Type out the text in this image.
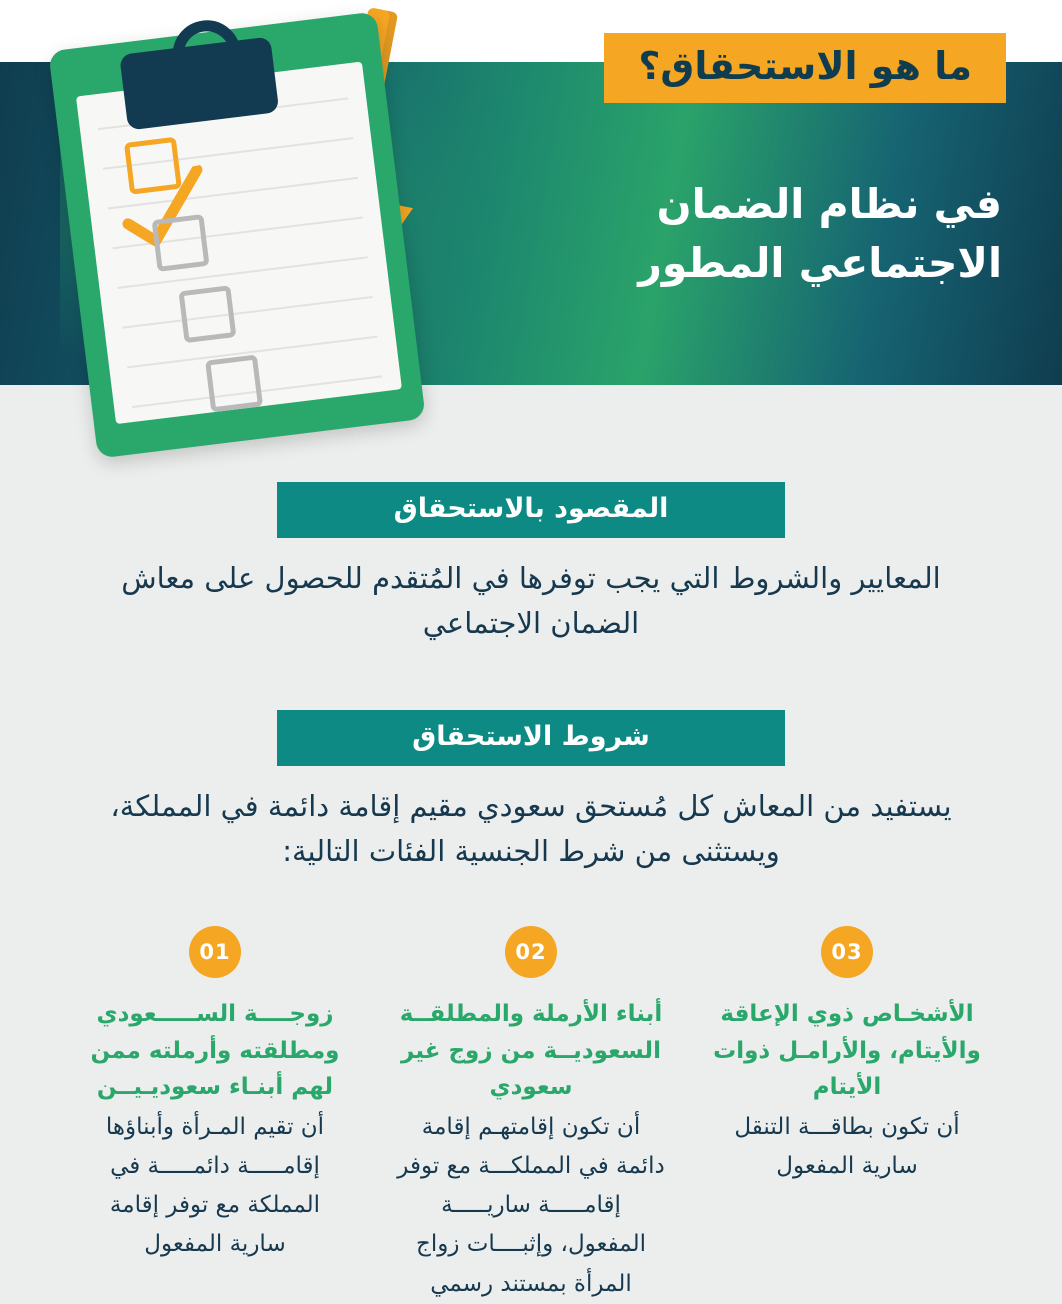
ما هو الاستحقاق؟
في نظام الضمان الاجتماعي المطور
المقصود بالاستحقاق
المعايير والشروط التي يجب توفرها في المُتقدم للحصول على معاش الضمان الاجتماعي
شروط الاستحقاق
يستفيد من المعاش كل مُستحق سعودي مقيم إقامة دائمة في المملكة، ويستثنى من شرط الجنسية الفئات التالية:
03
الأشخـاص ذوي الإعاقة والأيتام، والأرامـل ذوات الأيتام
أن تكون بطاقـــة التنقل سارية المفعول
02
أبناء الأرملة والمطلقــة السعوديــة من زوج غير سعودي
أن تكون إقامتهـم إقامة دائمة في المملكـــة مع توفر إقامـــــة ساريـــــة المفعول، وإثبــــات زواج المرأة بمستند رسمي
01
زوجــــة الســـــعودي ومطلقته وأرملته ممن لهم أبنـاء سعوديـيــن
أن تقيم المـرأة وأبناؤها إقامـــــة دائمـــــة في المملكة مع توفر إقامة سارية المفعول
